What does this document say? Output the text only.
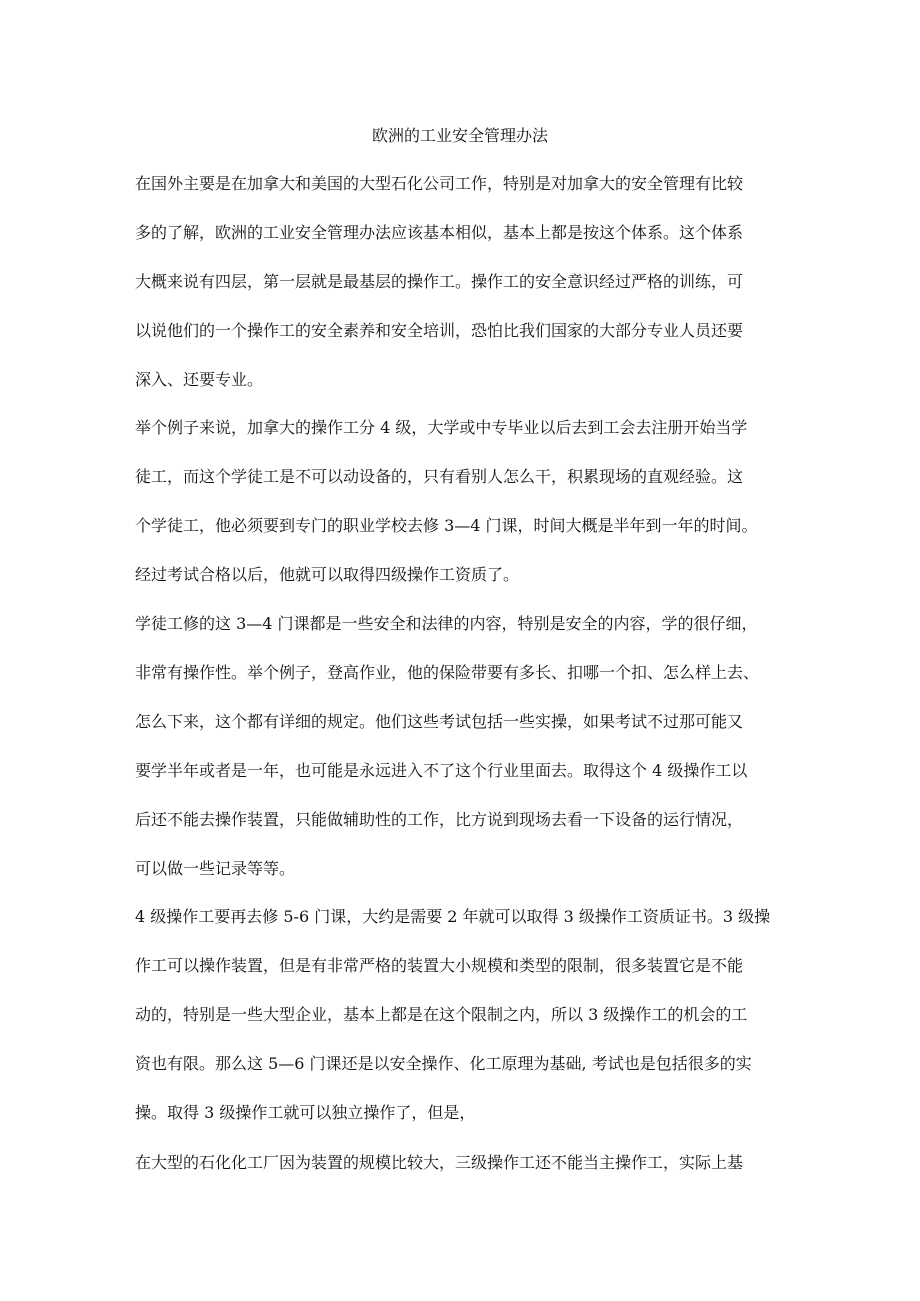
欧洲的工业安全管理办法
在国外主要是在加拿大和美国的大型石化公司工作，特别是对加拿大的安全管理有比较
多的了解，欧洲的工业安全管理办法应该基本相似，基本上都是按这个体系。这个体系
大概来说有四层，第一层就是最基层的操作工。操作工的安全意识经过严格的训练，可
以说他们的一个操作工的安全素养和安全培训，恐怕比我们国家的大部分专业人员还要
深入、还要专业。
举个例子来说，加拿大的操作工分 4 级，大学或中专毕业以后去到工会去注册开始当学
徒工，而这个学徒工是不可以动设备的，只有看别人怎么干，积累现场的直观经验。这
个学徒工，他必须要到专门的职业学校去修 3—4 门课，时间大概是半年到一年的时间。
经过考试合格以后，他就可以取得四级操作工资质了。
学徒工修的这 3—4 门课都是一些安全和法律的内容，特别是安全的内容，学的很仔细，
非常有操作性。举个例子，登高作业，他的保险带要有多长、扣哪一个扣、怎么样上去、
怎么下来，这个都有详细的规定。他们这些考试包括一些实操，如果考试不过那可能又
要学半年或者是一年，也可能是永远进入不了这个行业里面去。取得这个 4 级操作工以
后还不能去操作装置，只能做辅助性的工作，比方说到现场去看一下设备的运行情况，
可以做一些记录等等。
4 级操作工要再去修 5-6 门课，大约是需要 2 年就可以取得 3 级操作工资质证书。3 级操
作工可以操作装置，但是有非常严格的装置大小规模和类型的限制，很多装置它是不能
动的，特别是一些大型企业，基本上都是在这个限制之内，所以 3 级操作工的机会的工
资也有限。那么这 5—6 门课还是以安全操作、化工原理为基础, 考试也是包括很多的实
操。取得 3 级操作工就可以独立操作了，但是，
在大型的石化化工厂因为装置的规模比较大，三级操作工还不能当主操作工，实际上基
